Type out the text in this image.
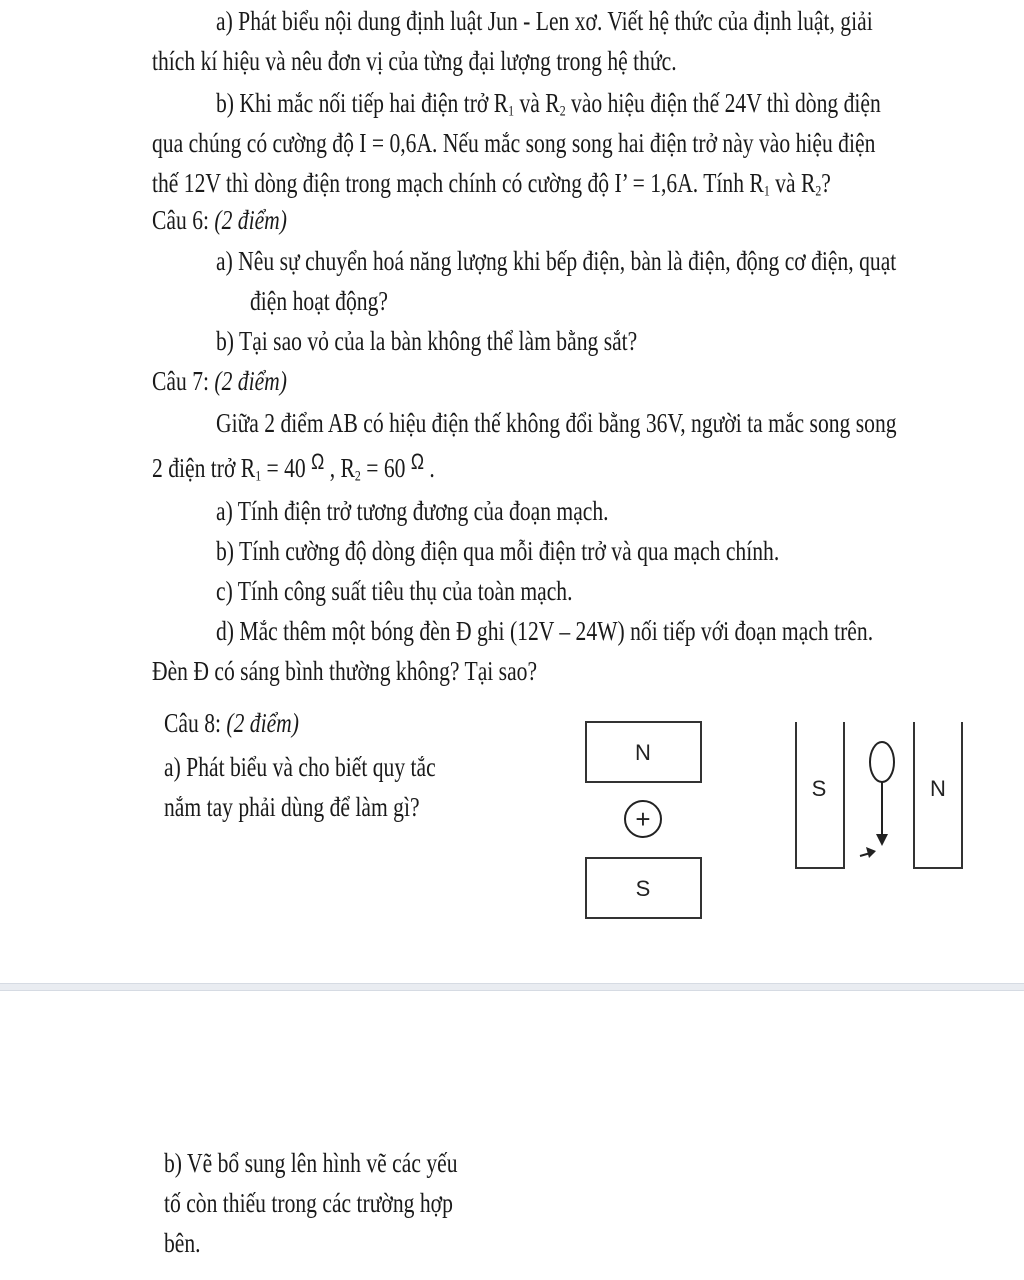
a) Phát biểu nội dung định luật Jun - Len xơ. Viết hệ thức của định luật, giải
thích kí hiệu và nêu đơn vị của từng đại lượng trong hệ thức.
b) Khi mắc nối tiếp hai điện trở $R_1$ và $R_2$ vào hiệu điện thế 24V thì dòng điện
qua chúng có cường độ I = 0,6A. Nếu mắc song song hai điện trở này vào hiệu điện
thế 12V thì dòng điện trong mạch chính có cường độ I’ = 1,6A. Tính $R_1$ và $R_2$?
Câu 6: (2 điểm)
a) Nêu sự chuyển hoá năng lượng khi bếp điện, bàn là điện, động cơ điện, quạt
điện hoạt động?
b) Tại sao vỏ của la bàn không thể làm bằng sắt?
Câu 7: (2 điểm)
Giữa 2 điểm AB có hiệu điện thế không đổi bằng 36V, người ta mắc song song
2 điện trở $R_1 = 40$ $^\Omega$ , $R_2 = 60$ $^\Omega$ .
a) Tính điện trở tương đương của đoạn mạch.
b) Tính cường độ dòng điện qua mỗi điện trở và qua mạch chính.
c) Tính công suất tiêu thụ của toàn mạch.
d) Mắc thêm một bóng đèn Đ ghi (12V – 24W) nối tiếp với đoạn mạch trên.
Đèn Đ có sáng bình thường không? Tại sao?
Câu 8: (2 điểm)
a) Phát biểu và cho biết quy tắc
nắm tay phải dùng để làm gì?
N
+
S
S	N
b) Vẽ bổ sung lên hình vẽ các yếu
tố còn thiếu trong các trường hợp
bên.
